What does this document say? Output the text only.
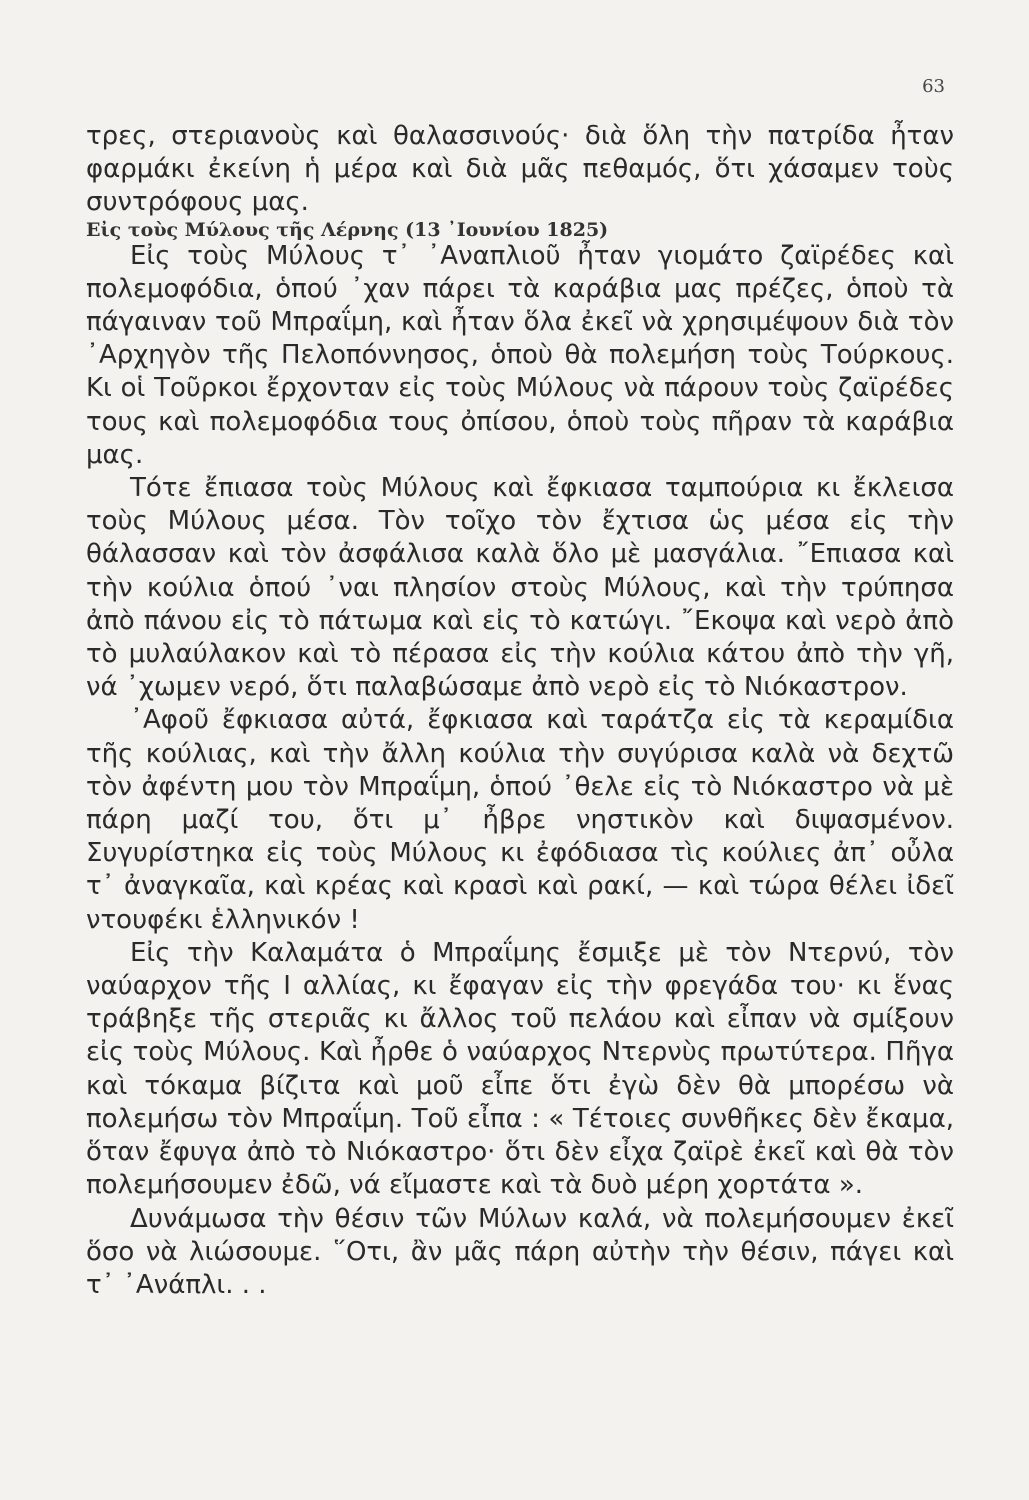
63

τρες, στεριανοὺς καὶ θαλασσινούς· διὰ ὅλη τὴν πατρίδα ἦταν φαρμάκι ἐκείνη ἡ μέρα καὶ διὰ μᾶς πεθαμός, ὅτι χάσαμεν τοὺς συντρόφους μας.

Εἰς τοὺς Μύλους τῆς Λέρνης (13 ᾽Ιουνίου 1825)

Εἰς τοὺς Μύλους τ᾽ ᾽Αναπλιοῦ ἦταν γιομάτο ζαϊρέδες καὶ πολεμοφόδια, ὁπού ᾽χαν πάρει τὰ καράβια μας πρέζες, ὁποὺ τὰ πάγαιναν τοῦ Μπραΐμη, καὶ ἦταν ὅλα ἐκεῖ νὰ χρησιμέψουν διὰ τὸν ᾽Αρχηγὸν τῆς Πελοπόννησος, ὁποὺ θὰ πολεμήση τοὺς Τούρκους. Κι οἱ Τοῦρκοι ἔρχονταν εἰς τοὺς Μύλους νὰ πάρουν τοὺς ζαϊρέδες τους καὶ πολεμοφόδια τους ὀπίσου, ὁποὺ τοὺς πῆραν τὰ καράβια μας.

Τότε ἔπιασα τοὺς Μύλους καὶ ἔφκιασα ταμπούρια κι ἔκλεισα τοὺς Μύλους μέσα. Τὸν τοῖχο τὸν ἔχτισα ὡς μέσα εἰς τὴν θάλασσαν καὶ τὸν ἀσφάλισα καλὰ ὅλο μὲ μασγάλια. ῎Επιασα καὶ τὴν κούλια ὁπού ᾽ναι πλησίον στοὺς Μύλους, καὶ τὴν τρύπησα ἀπὸ πάνου εἰς τὸ πάτωμα καὶ εἰς τὸ κατώγι. ῎Εκοψα καὶ νερὸ ἀπὸ τὸ μυλαύλακον καὶ τὸ πέρασα εἰς τὴν κούλια κάτου ἀπὸ τὴν γῆ, νά ᾽χωμεν νερό, ὅτι παλαβώσαμε ἀπὸ νερὸ εἰς τὸ Νιόκαστρον.

᾽Αφοῦ ἔφκιασα αὐτά, ἔφκιασα καὶ ταράτζα εἰς τὰ κεραμίδια τῆς κούλιας, καὶ τὴν ἄλλη κούλια τὴν συγύρισα καλὰ νὰ δεχτῶ τὸν ἀφέντη μου τὸν Μπραΐμη, ὁπού ᾽θελε εἰς τὸ Νιόκαστρο νὰ μὲ πάρη μαζί του, ὅτι μ᾽ ἦβρε νηστικὸν καὶ διψασμένον. Συγυρίστηκα εἰς τοὺς Μύλους κι ἐφόδιασα τὶς κούλιες ἀπ᾽ οὖλα τ᾽ ἀναγκαῖα, καὶ κρέας καὶ κρασὶ καὶ ρακί, — καὶ τώρα θέλει ἰδεῖ ντουφέκι ἑλληνικόν !

Εἰς τὴν Καλαμάτα ὁ Μπραΐμης ἔσμιξε μὲ τὸν Ντερνύ, τὸν ναύαρχον τῆς Ι αλλίας, κι ἔφαγαν εἰς τὴν φρεγάδα του· κι ἕνας τράβηξε τῆς στεριᾶς κι ἄλλος τοῦ πελάου καὶ εἶπαν νὰ σμίξουν εἰς τοὺς Μύλους. Καὶ ἦρθε ὁ ναύαρχος Ντερνὺς πρωτύτερα. Πῆγα καὶ τόκαμα βίζιτα καὶ μοῦ εἶπε ὅτι ἐγὼ δὲν θὰ μπορέσω νὰ πολεμήσω τὸν Μπραΐμη. Τοῦ εἶπα : « Τέτοιες συνθῆκες δὲν ἔκαμα, ὅταν ἔφυγα ἀπὸ τὸ Νιόκαστρο· ὅτι δὲν εἶχα ζαϊρὲ ἐκεῖ καὶ θὰ τὸν πολεμήσουμεν ἐδῶ, νά εἴμαστε καὶ τὰ δυὸ μέρη χορτάτα ».

Δυνάμωσα τὴν θέσιν τῶν Μύλων καλά, νὰ πολεμήσουμεν ἐκεῖ ὅσο νὰ λιώσουμε. ῞Οτι, ἂν μᾶς πάρη αὐτὴν τὴν θέσιν, πάγει καὶ τ᾽ ᾽Ανάπλι. . .
